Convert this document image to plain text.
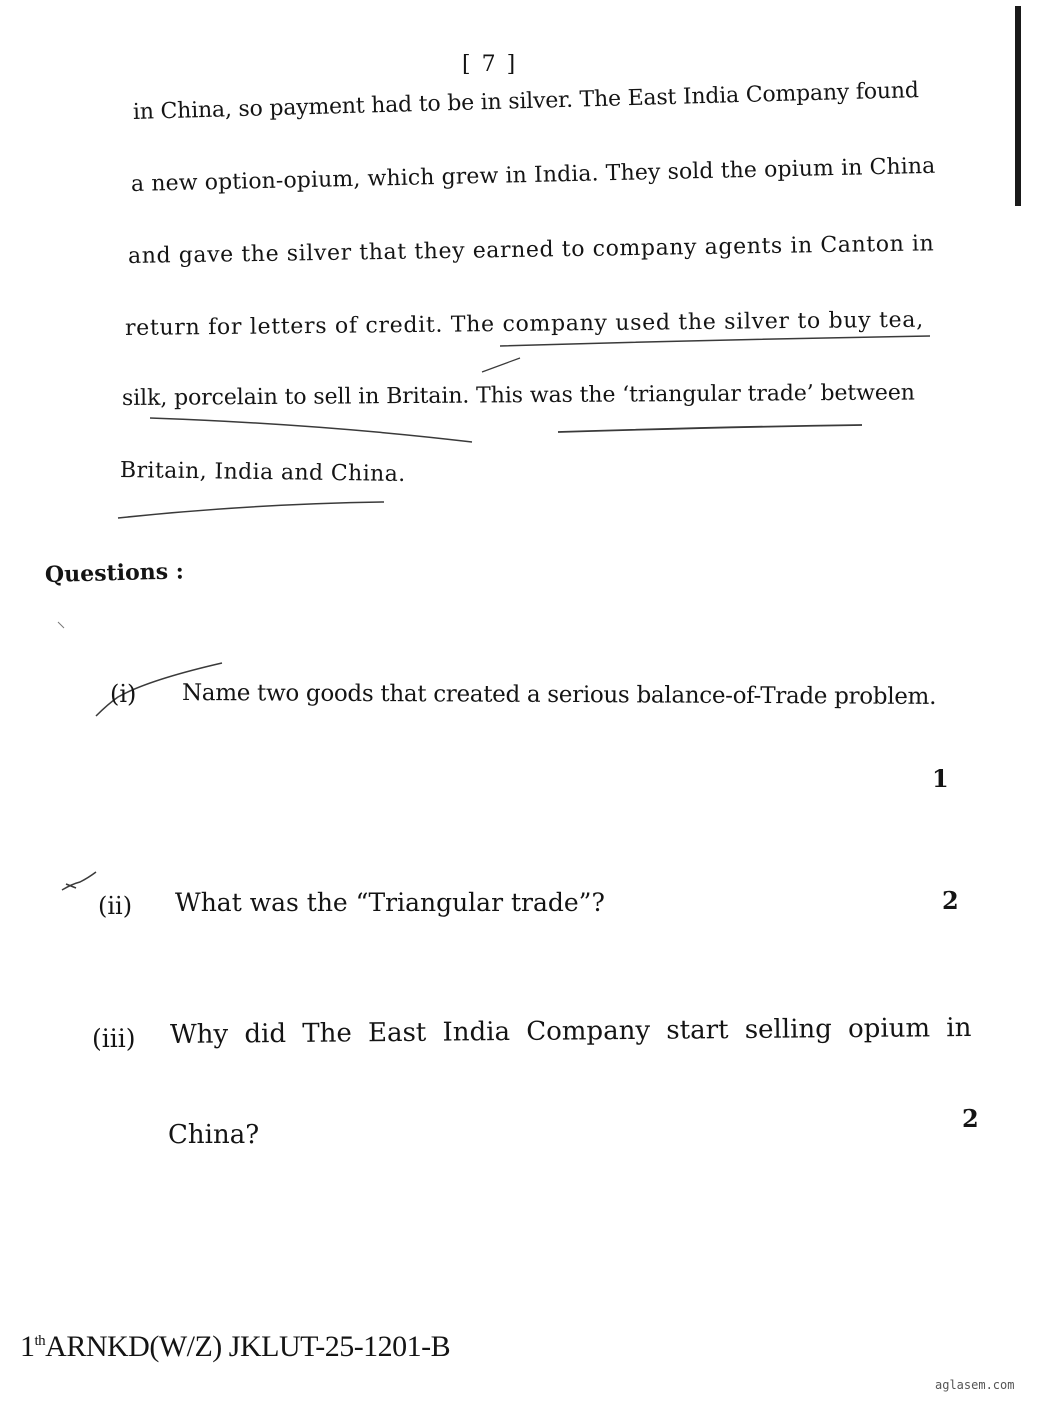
[ 7 ]
in China, so payment had to be in silver. The East India Company found
a new option-opium, which grew in India. They sold the opium in China
and gave the silver that they earned to company agents in Canton in
return for letters of credit. The company used the silver to buy tea,
silk, porcelain to sell in Britain. This was the ‘triangular trade’ between
Britain, India and China.
Questions :
(i) Name two goods that created a serious balance-of-Trade problem.
1
(ii) What was the “Triangular trade”?	2
(iii) Why did The East India Company start selling opium in
China?
2
1thARNKD(W/Z) JKLUT-25-1201-B
aglasem.com
